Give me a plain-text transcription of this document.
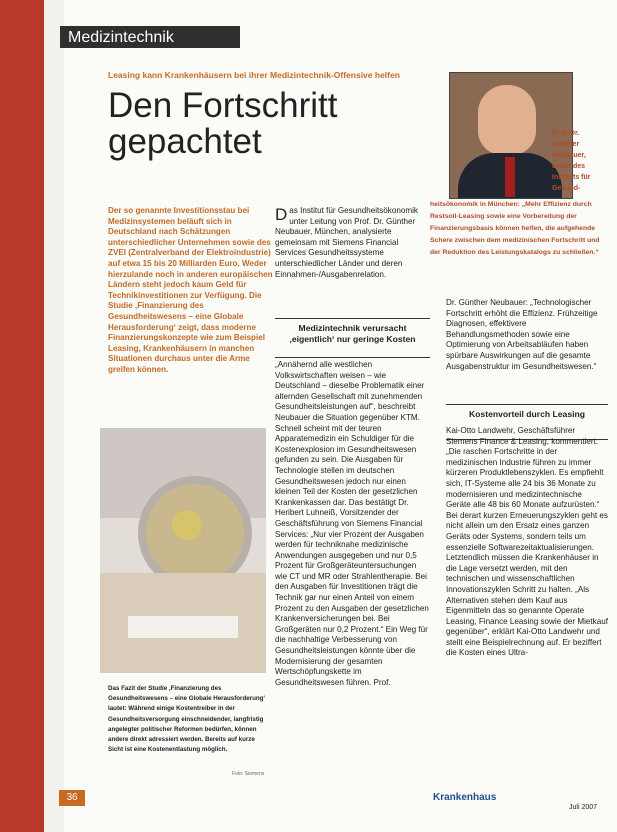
Medizintechnik
Leasing kann Krankenhäusern bei ihrer Medizintechnik-Offensive helfen
Den Fortschritt gepachtet	Prof. Dr. Günther Neubauer, Leiter des Instituts für Gesund-
heitsökonomik in München: „Mehr Effizienz durch Restsoll-Leasing sowie eine Vorbereitung der Finanzierungsbasis können helfen, die aufgehende Schere zwischen dem medizinischen Fortschritt und der Reduktion des Leistungskatalogs zu schließen.“
Der so genannte Investitionsstau bei Medizinsystemen beläuft sich in Deutschland nach Schätzungen unterschiedlicher Unternehmen sowie des ZVEI (Zentralverband der Elektroindustrie) auf etwa 15 bis 20 Milliarden Euro. Weder hierzulande noch in anderen europäischen Ländern steht jedoch kaum Geld für Technikinvestitionen zur Verfügung. Die Studie ‚Finanzierung des Gesundheitswesens – eine Globale Herausforderung‘ zeigt, dass moderne Finanzierungskonzepte wie zum Beispiel Leasing, Krankenhäusern in manchen Situationen durchaus unter die Arme greifen können.
Das Institut für Gesundheitsökonomik unter Leitung von Prof. Dr. Günther Neubauer, München, analysierte gemeinsam mit Siemens Financial Services Gesundheitssysteme unterschiedlicher Länder und deren Einnahmen-/Ausgabenrelation.
Medizintechnik verursacht ‚eigentlich‘ nur geringe Kosten
„Annähernd alle westlichen Volkswirtschaften weisen – wie Deutschland – dieselbe Problematik einer alternden Gesellschaft mit zunehmenden Gesundheitsleistungen auf“, beschreibt Neubauer die Situation gegenüber KTM. Schnell scheint mit der teuren Apparatemedizin ein Schuldiger für die Kostenexplosion im Gesundheitswesen gefunden zu sein. Die Ausgaben für Technologie stellen im deutschen Gesundheitswesen jedoch nur einen kleinen Teil der Kosten der gesetzlichen Krankenkassen dar. Das bestätigt Dr. Heribert Luhneiß, Vorsitzender der Geschäftsführung von Siemens Financial Services: „Nur vier Prozent der Ausgaben werden für techniknahe medizinische Anwendungen ausgegeben und nur 0,5 Prozent für Großgeräteuntersuchungen wie CT und MR oder Strahlentherapie. Bei den Ausgaben für Investitionen trägt die Technik gar nur einen Anteil von einem Prozent zu den Ausgaben der gesetzlichen Krankenversicherungen bei. Bei Großgeräten nur 0,2 Prozent.“ Ein Weg für die nachhaltige Verbesserung von Gesundheitsleistungen könnte über die Modernisierung der gesamten Wertschöpfungskette im Gesundheitswesen führen. Prof.
Dr. Günther Neubauer: „Technologischer Fortschritt erhöht die Effizienz. Frühzeitige Diagnosen, effektivere Behandlungsmethoden sowie eine Optimierung von Arbeitsabläufen haben spürbare Auswirkungen auf die gesamte Ausgabenstruktur im Gesundheitswesen.“
Kostenvorteil durch Leasing
Kai-Otto Landwehr, Geschäftsführer Siemens Finance & Leasing, kommentiert: „Die raschen Fortschritte in der medizinischen Industrie führen zu immer kürzeren Produktlebenszyklen. Es empfiehlt sich, IT-Systeme alle 24 bis 36 Monate zu modernisieren und medizintechnische Geräte alle 48 bis 60 Monate aufzurüsten.“ Bei derart kurzen Erneuerungszyklen geht es nicht allein um den Ersatz eines ganzen Geräts oder Systems, sondern teils um essenzielle Softwarezeitaktualisierungen. Letztendlich müssen die Krankenhäuser in die Lage versetzt werden, mit den technischen und wissenschaftlichen Innovationszyklen Schritt zu halten. „Als Alternativen stehen dem Kauf aus Eigenmitteln das so genannte Operate Leasing, Finance Leasing sowie der Mietkauf gegenüber“, erklärt Kai-Otto Landwehr und stellt eine Beispielrechnung auf. Er beziffert die Kosten eines Ultra-
Das Fazit der Studie ‚Finanzierung des Gesundheitswesens – eine Globale Herausforderung‘ lautet: Während einige Kostentreiber in der Gesundheitsversorgung einschneidender, langfristig angelegter politischer Reformen bedürfen, können andere direkt adressiert werden. Bereits auf kurze Sicht ist eine Kostenentlastung möglich.
Foto: Siemens
36	Krankenhaus
Juli 2007
